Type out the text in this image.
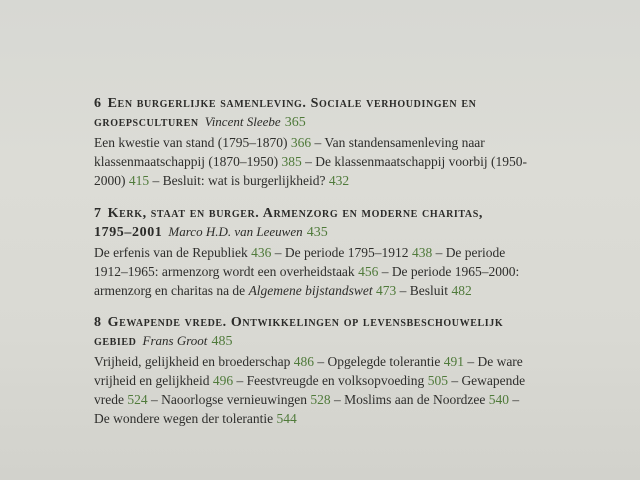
6 Een burgerlijke samenleving. Sociale verhoudingen en
groepsculturen Vincent Sleebe 365
Een kwestie van stand (1795–1870) 366 – Van standensamenleving naar
klassenmaatschappij (1870–1950) 385 – De klassenmaatschappij voorbij (1950-
2000) 415 – Besluit: wat is burgerlijkheid? 432
7 Kerk, staat en burger. Armenzorg en moderne charitas,
1795–2001 Marco H.D. van Leeuwen 435
De erfenis van de Republiek 436 – De periode 1795–1912 438 – De periode
1912–1965: armenzorg wordt een overheidstaak 456 – De periode 1965–2000:
armenzorg en charitas na de Algemene bijstandswet 473 – Besluit 482
8 Gewapende vrede. Ontwikkelingen op levensbeschouwelijk
gebied Frans Groot 485
Vrijheid, gelijkheid en broederschap 486 – Opgelegde tolerantie 491 – De ware
vrijheid en gelijkheid 496 – Feestvreugde en volksopvoeding 505 – Gewapende
vrede 524 – Naoorlogse vernieuwingen 528 – Moslims aan de Noordzee 540 –
De wondere wegen der tolerantie 544
